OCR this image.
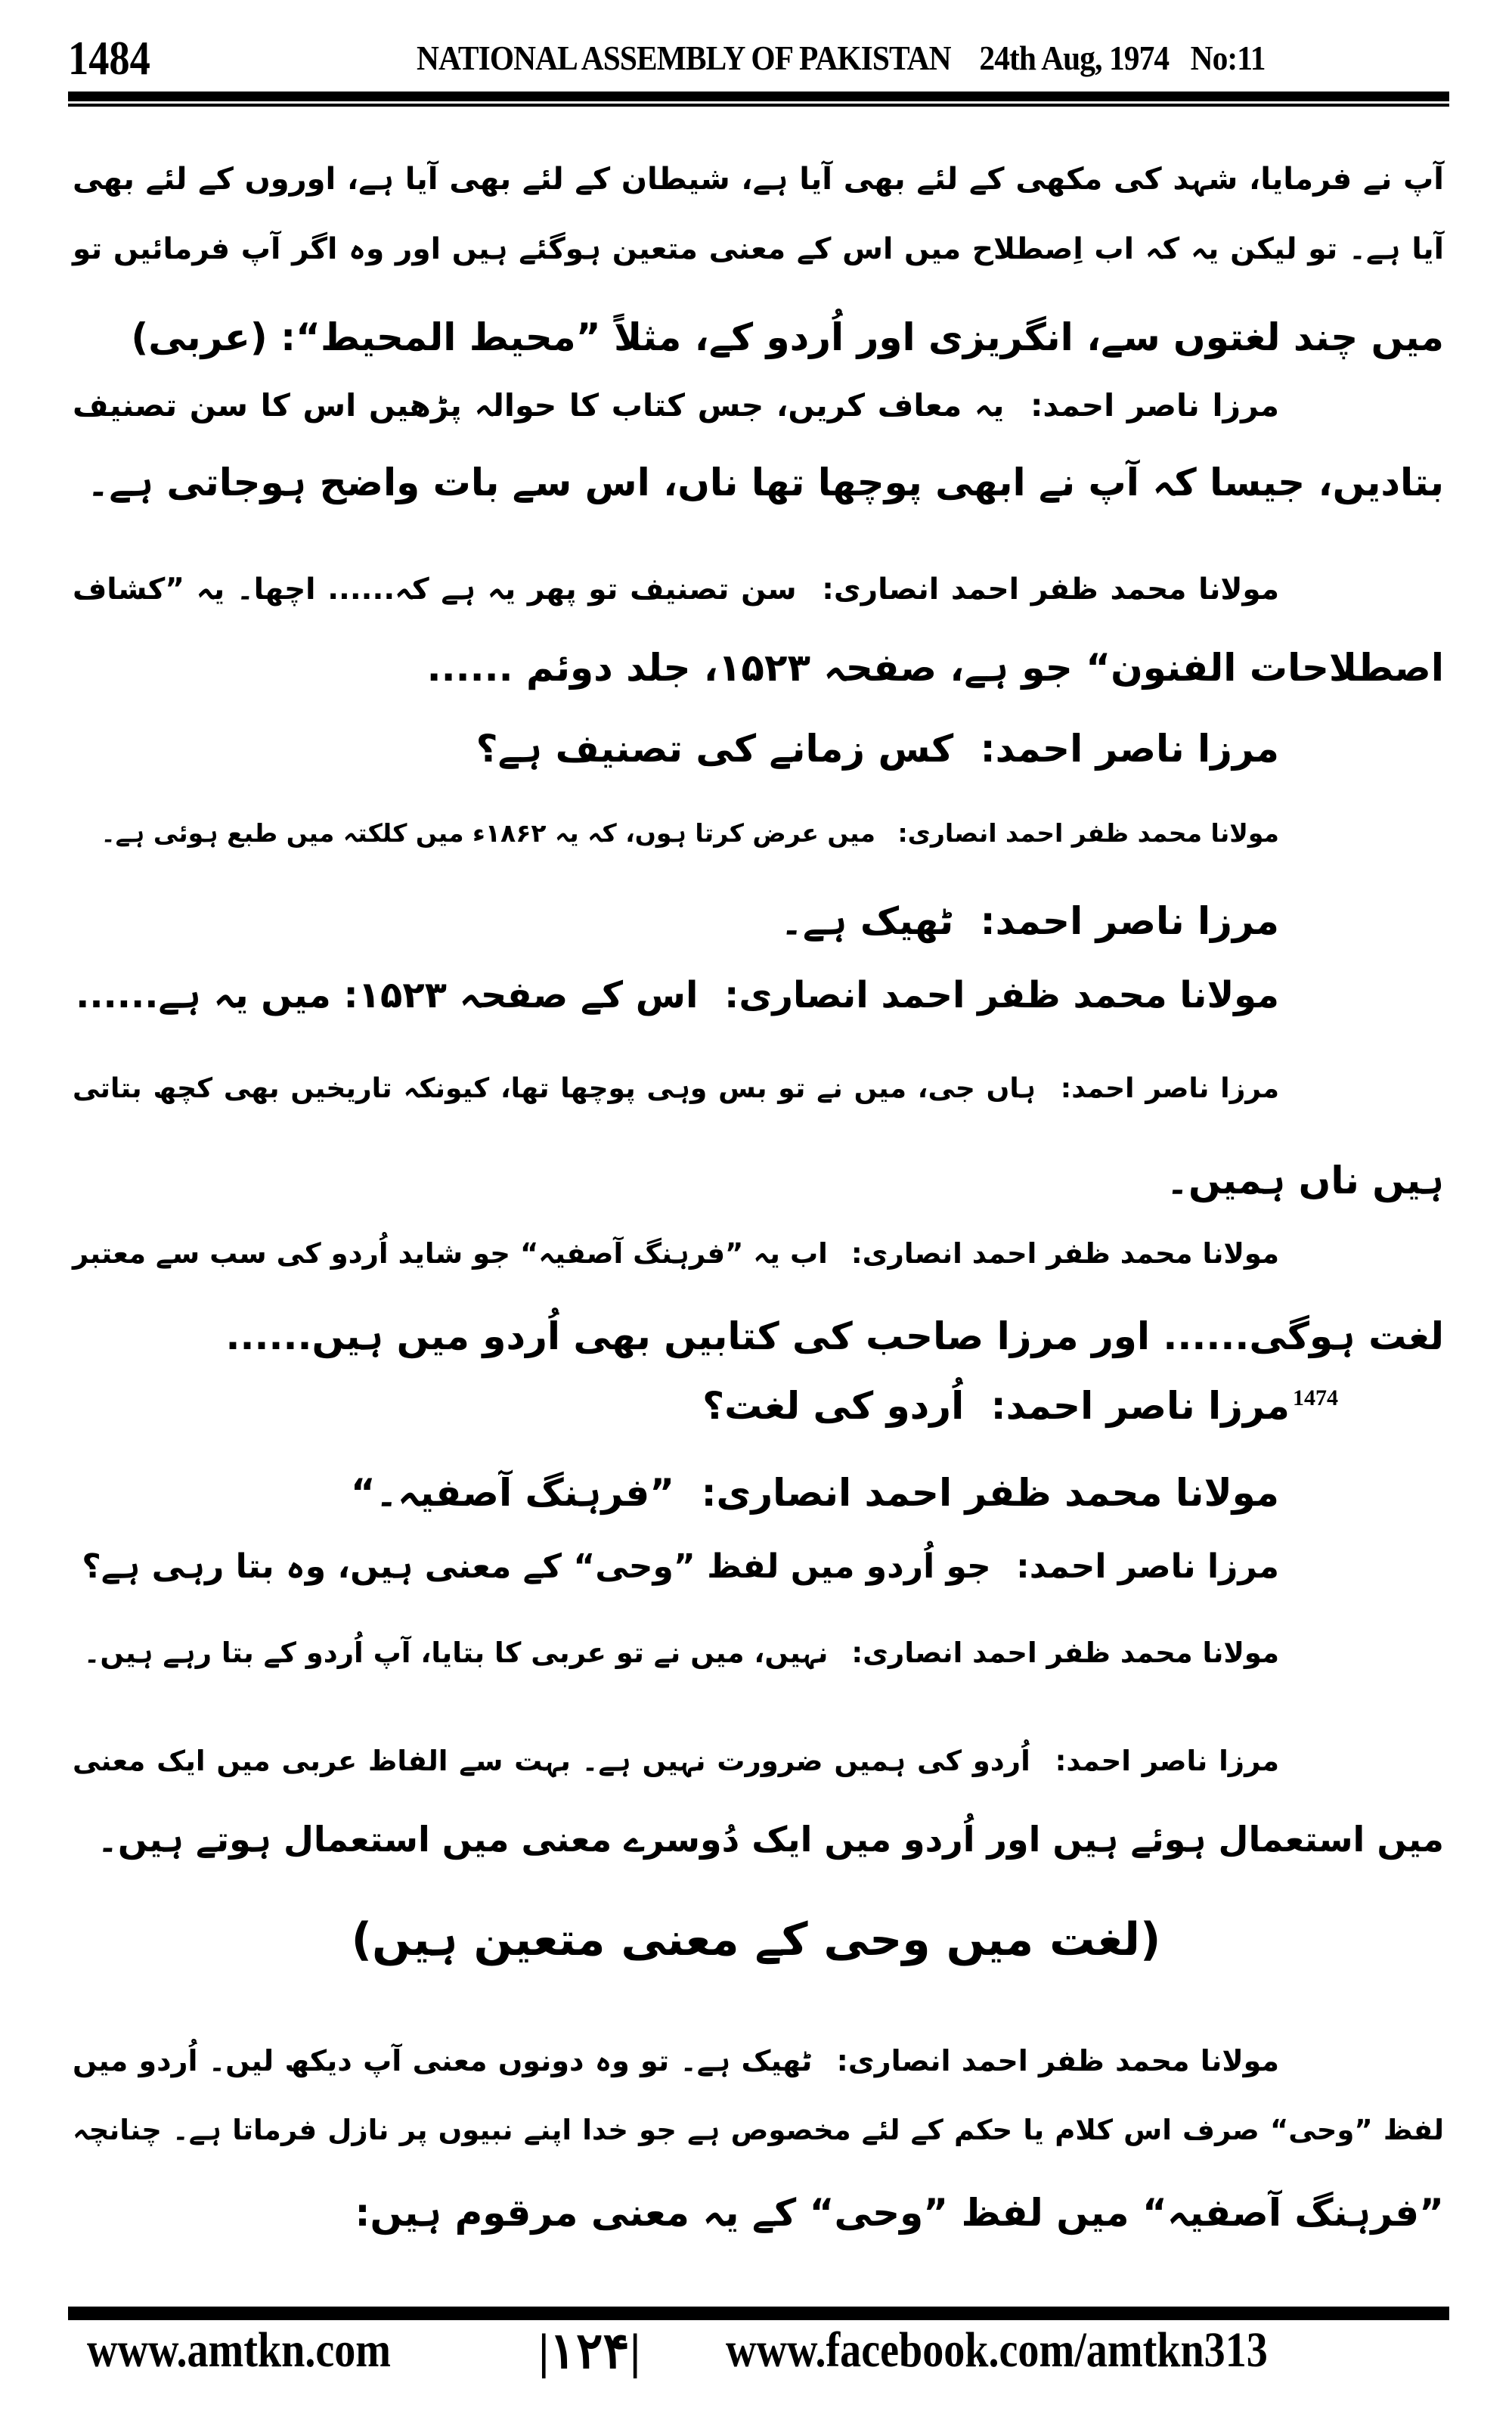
1484	NATIONAL ASSEMBLY OF PAKISTAN 24th Aug, 1974 No:11
آپ نے فرمایا، شہد کی مکھی کے لئے بھی آیا ہے، شیطان کے لئے بھی آیا ہے، اوروں کے لئے بھی
آیا ہے۔ تو لیکن یہ کہ اب اِصطلاح میں اس کے معنی متعین ہوگئے ہیں اور وہ اگر آپ فرمائیں تو
میں چند لغتوں سے، انگریزی اور اُردو کے، مثلاً ”محیط المحیط“: (عربی)
مرزا ناصر احمد: یہ معاف کریں، جس کتاب کا حوالہ پڑھیں اس کا سن تصنیف
بتادیں، جیسا کہ آپ نے ابھی پوچھا تھا ناں، اس سے بات واضح ہوجاتی ہے۔
مولانا محمد ظفر احمد انصاری: سن تصنیف تو پھر یہ ہے کہ...... اچھا۔ یہ ”کشاف
اصطلاحات الفنون“ جو ہے، صفحہ ۱۵۲۳، جلد دوئم ......
مرزا ناصر احمد: کس زمانے کی تصنیف ہے؟
مولانا محمد ظفر احمد انصاری: میں عرض کرتا ہوں، کہ یہ ۱۸۶۲ء میں کلکتہ میں طبع ہوئی ہے۔
مرزا ناصر احمد: ٹھیک ہے۔
مولانا محمد ظفر احمد انصاری: اس کے صفحہ ۱۵۲۳: میں یہ ہے......
مرزا ناصر احمد: ہاں جی، میں نے تو بس وہی پوچھا تھا، کیونکہ تاریخیں بھی کچھ بتاتی
ہیں ناں ہمیں۔
مولانا محمد ظفر احمد انصاری: اب یہ ”فرہنگ آصفیہ“ جو شاید اُردو کی سب سے معتبر
لغت ہوگی...... اور مرزا صاحب کی کتابیں بھی اُردو میں ہیں......
$^{1474}$مرزا ناصر احمد: اُردو کی لغت؟
مولانا محمد ظفر احمد انصاری: ”فرہنگ آصفیہ۔“
مرزا ناصر احمد: جو اُردو میں لفظ ”وحی“ کے معنی ہیں، وہ بتا رہی ہے؟
مولانا محمد ظفر احمد انصاری: نہیں، میں نے تو عربی کا بتایا، آپ اُردو کے بتا رہے ہیں۔
مرزا ناصر احمد: اُردو کی ہمیں ضرورت نہیں ہے۔ بہت سے الفاظ عربی میں ایک معنی
میں استعمال ہوئے ہیں اور اُردو میں ایک دُوسرے معنی میں استعمال ہوتے ہیں۔
مولانا محمد ظفر احمد انصاری: ٹھیک ہے۔ تو وہ دونوں معنی آپ دیکھ لیں۔ اُردو میں
لفظ ”وحی“ صرف اس کلام یا حکم کے لئے مخصوص ہے جو خدا اپنے نبیوں پر نازل فرماتا ہے۔ چنانچہ
”فرہنگ آصفیہ“ میں لفظ ”وحی“ کے یہ معنی مرقوم ہیں:
(لغت میں وحی کے معنی متعین ہیں)
www.amtkn.com	|۱۲۴| www.facebook.com/amtkn313
